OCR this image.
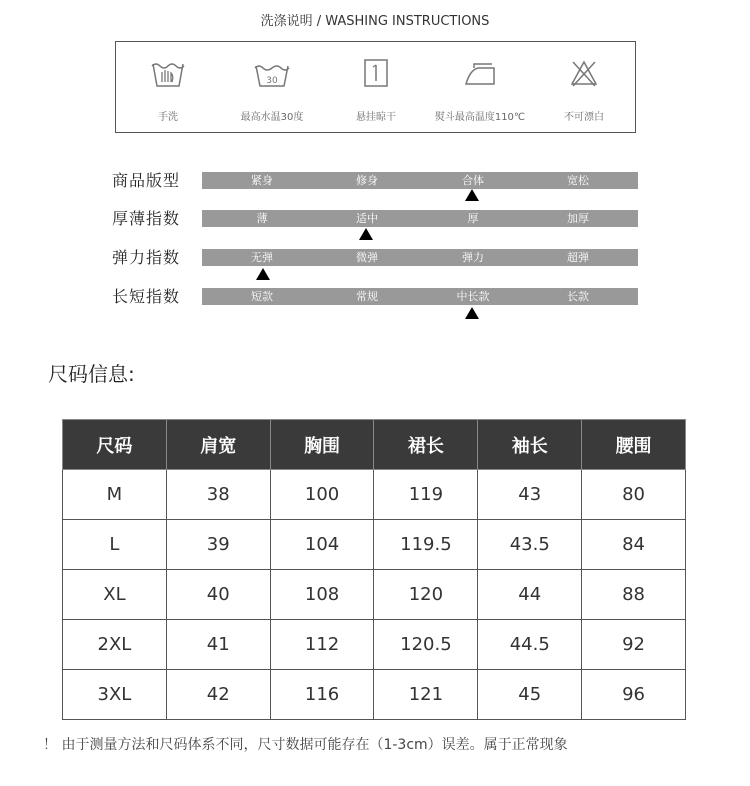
洗涤说明 / WASHING INSTRUCTIONS
手洗
30
最高水温30度	悬挂晾干	熨斗最高温度110℃	不可漂白
商品版型	紧身	修身	合体	宽松
厚薄指数	薄	适中	厚	加厚
弹力指数	无弹	微弹	弹力	超弹
长短指数	短款	常规	中长款	长款
尺码信息:
尺码	肩宽	胸围	裙长	袖长	腰围
M	38	100	119	43	80
L	39	104	119.5	43.5	84
XL	40	108	120	44	88
2XL	41	112	120.5	44.5	92
3XL	42	116	121	45	96
！ 由于测量方法和尺码体系不同，尺寸数据可能存在（1-3cm）误差。属于正常现象
